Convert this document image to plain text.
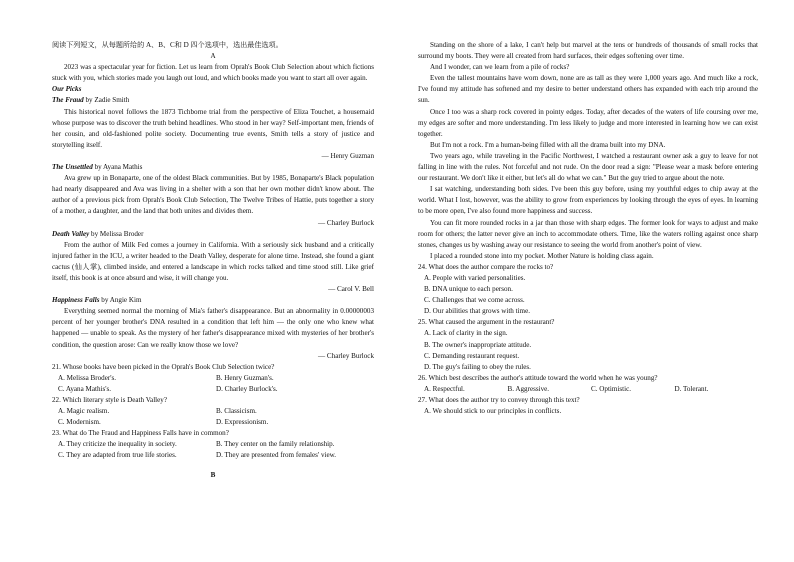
阅读下列短文，从每题所给的 A、B、C和 D 四个选项中，选出最佳选项。

A

2023 was a spectacular year for fiction. Let us learn from Oprah's Book Club Selection about which fictions stuck with you, which stories made you laugh out loud, and which books made you want to start all over again.

Our Picks

The Fraud by Zadie Smith

This historical novel follows the 1873 Tichborne trial from the perspective of Eliza Touchet, a housemaid whose purpose was to discover the truth behind headlines. Who stood in her way? Self-important men, friends of her cousin, and old-fashioned polite society. Documenting true events, Smith tells a story of justice and storytelling itself.

— Henry Guzman

The Unsettled by Ayana Mathis

Ava grew up in Bonaparte, one of the oldest Black communities. But by 1985, Bonaparte's Black population had nearly disappeared and Ava was living in a shelter with a son that her own mother didn't know about. The author of a previous pick from Oprah's Book Club Selection, The Twelve Tribes of Hattie, puts together a story of a mother, a daughter, and the land that both unites and divides them.

— Charley Burlock

Death Valley by Melissa Broder

From the author of Milk Fed comes a journey in California. With a seriously sick husband and a critically injured father in the ICU, a writer headed to the Death Valley, desperate for alone time. Instead, she found a giant cactus (仙人掌), climbed inside, and entered a landscape in which rocks talked and time stood still. Like grief itself, this book is at once absurd and wise, it will change you.

— Carol V. Bell

Happiness Falls by Angie Kim

Everything seemed normal the morning of Mia's father's disappearance. But an abnormality in 0.00000003 percent of her younger brother's DNA resulted in a condition that left him — the only one who knew what happened — unable to speak. As the mystery of her father's disappearance mixed with mysteries of her brother's condition, the question arose: Can we really know those we love?

— Charley Burlock

21. Whose books have been picked in the Oprah's Book Club Selection twice?

A. Melissa Broder's.	B. Henry Guzman's.
C. Ayana Mathis's.	D. Charley Burlock's.

22. Which literary style is Death Valley?

A. Magic realism.	B. Classicism.
C. Modernism.	D. Expressionism.

23. What do The Fraud and Happiness Falls have in common?

A. They criticize the inequality in society.	B. They center on the family relationship.
C. They are adapted from true life stories.	D. They are presented from females' view.

B

Standing on the shore of a lake, I can't help but marvel at the tens or hundreds of thousands of small rocks that surround my boots. They were all created from hard surfaces, their edges softening over time.

And I wonder, can we learn from a pile of rocks?

Even the tallest mountains have worn down, none are as tall as they were 1,000 years ago. And much like a rock, I've found my attitude has softened and my desire to better understand others has expanded with each trip around the sun.

Once I too was a sharp rock covered in pointy edges. Today, after decades of the waters of life coursing over me, my edges are softer and more understanding. I'm less likely to judge and more interested in learning how we can exist together.

But I'm not a rock. I'm a human-being filled with all the drama built into my DNA.

Two years ago, while traveling in the Pacific Northwest, I watched a restaurant owner ask a guy to leave for not falling in line with the rules. Not forceful and not rude. On the door read a sign: "Please wear a mask before entering our restaurant. We don't like it either, but let's all do what we can." But the guy tried to argue about the note.

I sat watching, understanding both sides. I've been this guy before, using my youthful edges to chip away at the world. What I lost, however, was the ability to grow from experiences by looking through the eyes of eyes. In learning to be more open, I've also found more happiness and success.

You can fit more rounded rocks in a jar than those with sharp edges. The former look for ways to adjust and make room for others; the latter never give an inch to accommodate others. Time, like the waters rolling against once sharp stones, changes us by washing away our resistance to seeing the world from another's point of view.

I placed a rounded stone into my pocket. Mother Nature is holding class again.

24. What does the author compare the rocks to?

A. People with varied personalities.

B. DNA unique to each person.

C. Challenges that we come across.

D. Our abilities that grows with time.

25. What caused the argument in the restaurant?

A. Lack of clarity in the sign.

B. The owner's inappropriate attitude.

C. Demanding restaurant request.

D. The guy's failing to obey the rules.

26. Which best describes the author's attitude toward the world when he was young?

A. Respectful.	B. Aggressive.	C. Optimistic.	D. Tolerant.

27. What does the author try to convey through this text?

A. We should stick to our principles in conflicts.
